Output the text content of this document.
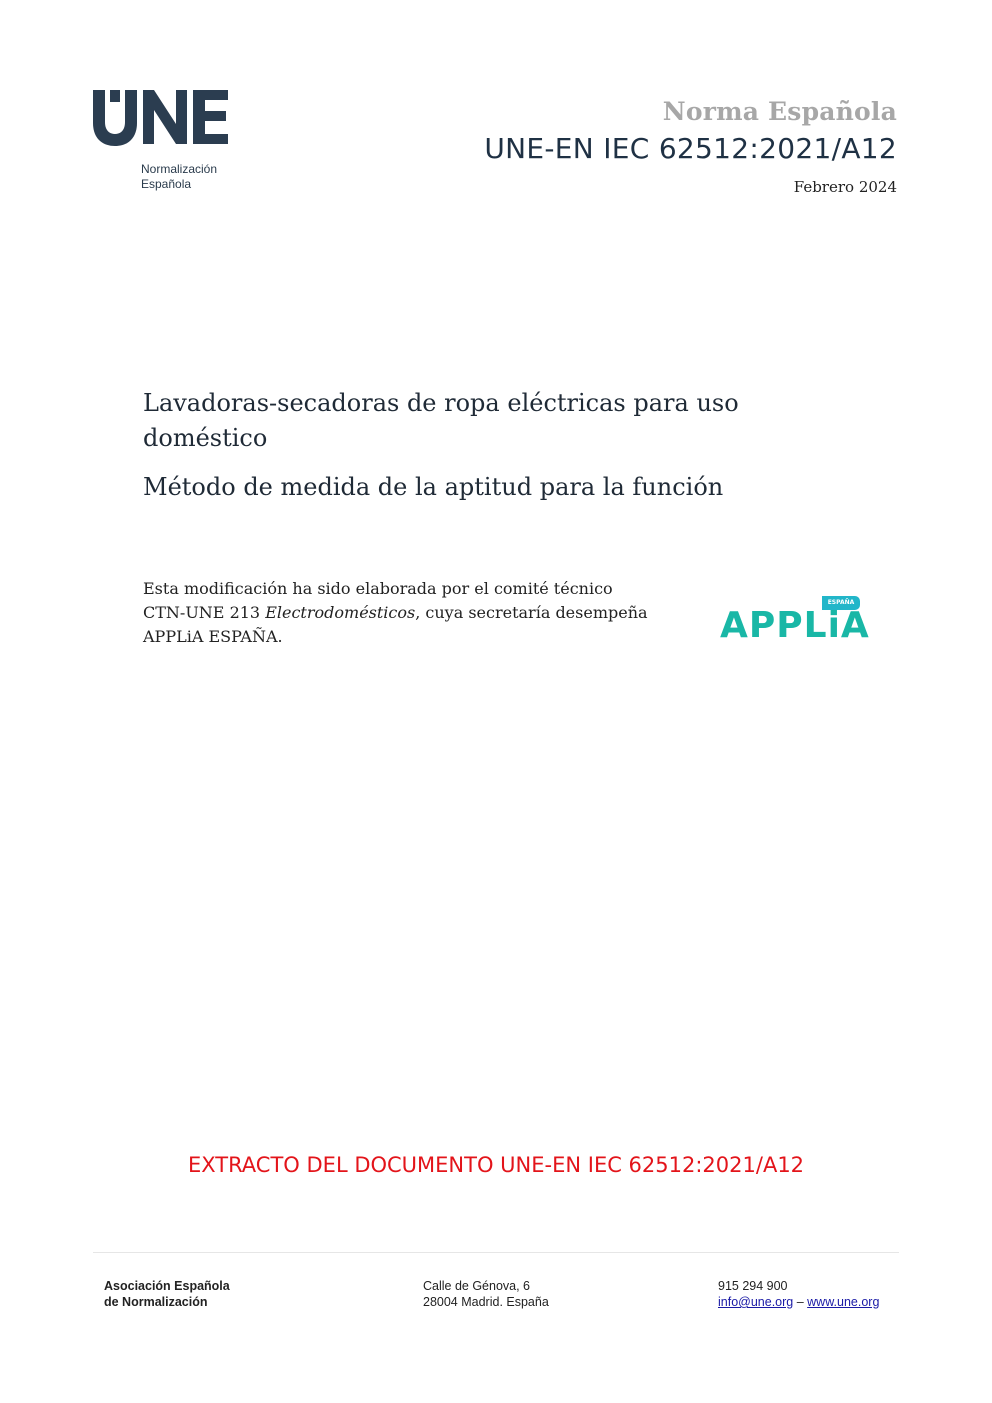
Normalización
Española
Norma Española
UNE-EN IEC 62512:2021/A12
Febrero 2024
Lavadoras-secadoras de ropa eléctricas para uso
doméstico
Método de medida de la aptitud para la función
Esta modificación ha sido elaborada por el comité técnico
CTN-UNE 213 Electrodomésticos, cuya secretaría desempeña
APPLiA ESPAÑA.
ESPAÑA
APPLiA
EXTRACTO DEL DOCUMENTO UNE-EN IEC 62512:2021/A12
Asociación Española
de Normalización
Calle de Génova, 6
28004 Madrid. España
915 294 900
info@une.org – www.une.org
